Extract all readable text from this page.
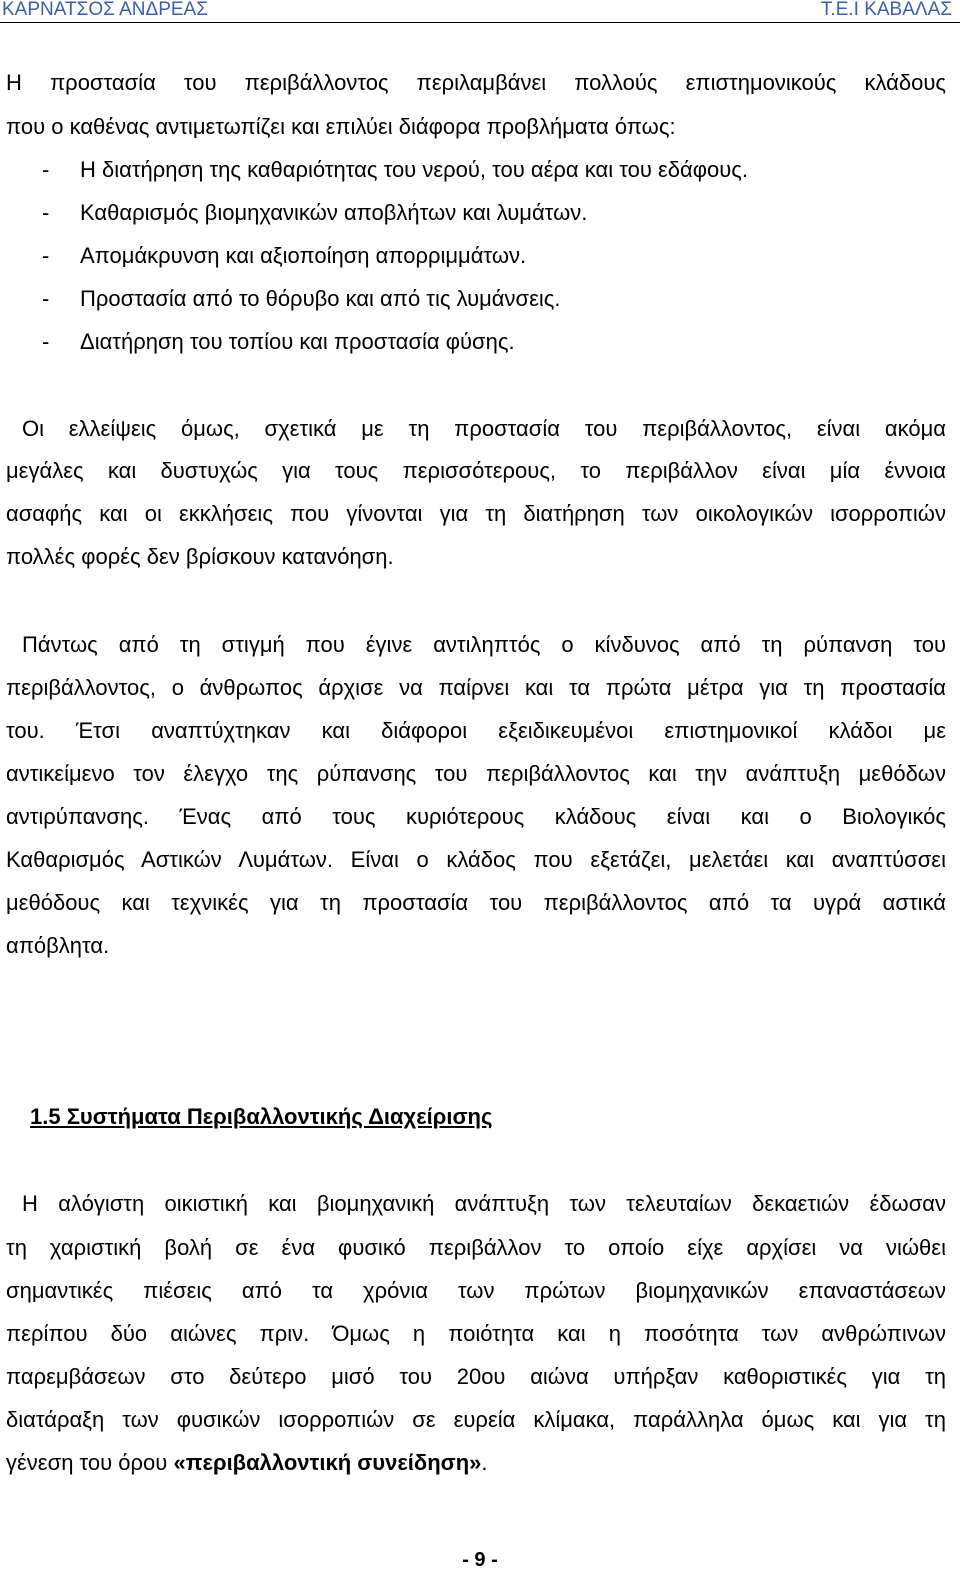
ΚΑΡΝΑΤΣΟΣ ΑΝΔΡΕΑΣ	Τ.Ε.Ι ΚΑΒΑΛΑΣ
Η προστασία του περιβάλλοντος περιλαμβάνει πολλούς επιστημονικούς κλάδους
που ο καθένας αντιμετωπίζει και επιλύει διάφορα προβλήματα όπως:
- Η διατήρηση της καθαριότητας του νερού, του αέρα και του εδάφους.
- Καθαρισμός βιομηχανικών αποβλήτων και λυμάτων.
- Απομάκρυνση και αξιοποίηση απορριμμάτων.
- Προστασία από το θόρυβο και από τις λυμάνσεις.
- Διατήρηση του τοπίου και προστασία φύσης.
Οι ελλείψεις όμως, σχετικά με τη προστασία του περιβάλλοντος, είναι ακόμα
μεγάλες και δυστυχώς για τους περισσότερους, το περιβάλλον είναι μία έννοια
ασαφής και οι εκκλήσεις που γίνονται για τη διατήρηση των οικολογικών ισορροπιών
πολλές φορές δεν βρίσκουν κατανόηση.
Πάντως από τη στιγμή που έγινε αντιληπτός ο κίνδυνος από τη ρύπανση του
περιβάλλοντος, ο άνθρωπος άρχισε να παίρνει και τα πρώτα μέτρα για τη προστασία
του. Έτσι αναπτύχτηκαν και διάφοροι εξειδικευμένοι επιστημονικοί κλάδοι με
αντικείμενο τον έλεγχο της ρύπανσης του περιβάλλοντος και την ανάπτυξη μεθόδων
αντιρύπανσης. Ένας από τους κυριότερους κλάδους είναι και ο Βιολογικός
Καθαρισμός Αστικών Λυμάτων. Είναι ο κλάδος που εξετάζει, μελετάει και αναπτύσσει
μεθόδους και τεχνικές για τη προστασία του περιβάλλοντος από τα υγρά αστικά
απόβλητα.
1.5 Συστήματα Περιβαλλοντικής Διαχείρισης
Η αλόγιστη οικιστική και βιομηχανική ανάπτυξη των τελευταίων δεκαετιών έδωσαν
τη χαριστική βολή σε ένα φυσικό περιβάλλον το οποίο είχε αρχίσει να νιώθει
σημαντικές πιέσεις από τα χρόνια των πρώτων βιομηχανικών επαναστάσεων
περίπου δύο αιώνες πριν. Όμως η ποιότητα και η ποσότητα των ανθρώπινων
παρεμβάσεων στο δεύτερο μισό του 20ου αιώνα υπήρξαν καθοριστικές για τη
διατάραξη των φυσικών ισορροπιών σε ευρεία κλίμακα, παράλληλα όμως και για τη
γένεση του όρου «περιβαλλοντική συνείδηση».
- 9 -
